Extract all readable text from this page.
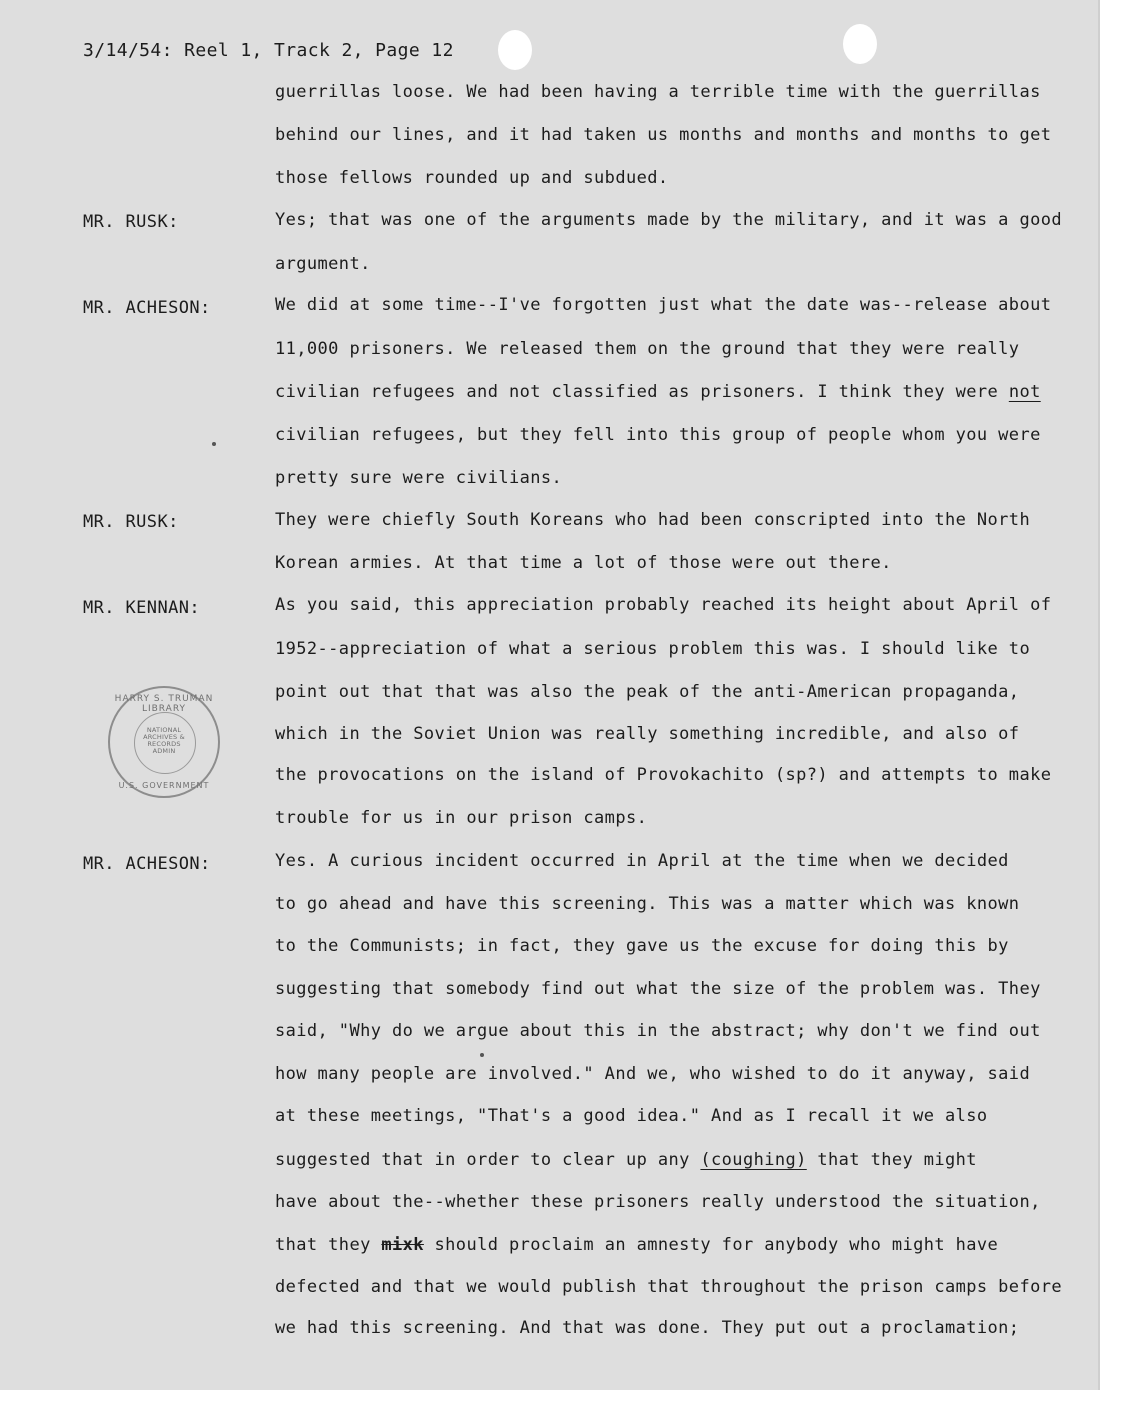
3/14/54: Reel 1, Track 2, Page 12
guerrillas loose. We had been having a terrible time with the guerrillas
behind our lines, and it had taken us months and months and months to get
those fellows rounded up and subdued.
MR. RUSK:	Yes; that was one of the arguments made by the military, and it was a good
argument.
MR. ACHESON:	We did at some time--I've forgotten just what the date was--release about
11,000 prisoners. We released them on the ground that they were really
civilian refugees and not classified as prisoners. I think they were not
civilian refugees, but they fell into this group of people whom you were
pretty sure were civilians.
MR. RUSK:	They were chiefly South Koreans who had been conscripted into the North
Korean armies. At that time a lot of those were out there.
MR. KENNAN:	As you said, this appreciation probably reached its height about April of
1952--appreciation of what a serious problem this was. I should like to
point out that that was also the peak of the anti-American propaganda,
which in the Soviet Union was really something incredible, and also of
the provocations on the island of Provokachito (sp?) and attempts to make
trouble for us in our prison camps.
MR. ACHESON:	Yes. A curious incident occurred in April at the time when we decided
to go ahead and have this screening. This was a matter which was known
to the Communists; in fact, they gave us the excuse for doing this by
suggesting that somebody find out what the size of the problem was. They
said, "Why do we argue about this in the abstract; why don't we find out
how many people are involved." And we, who wished to do it anyway, said
at these meetings, "That's a good idea." And as I recall it we also
suggested that in order to clear up any (coughing) that they might
have about the--whether these prisoners really understood the situation,
that they mixk should proclaim an amnesty for anybody who might have
defected and that we would publish that throughout the prison camps before
we had this screening. And that was done. They put out a proclamation;
HARRY S. TRUMAN LIBRARY
NATIONAL
ARCHIVES &
RECORDS
ADMIN
U.S. GOVERNMENT
